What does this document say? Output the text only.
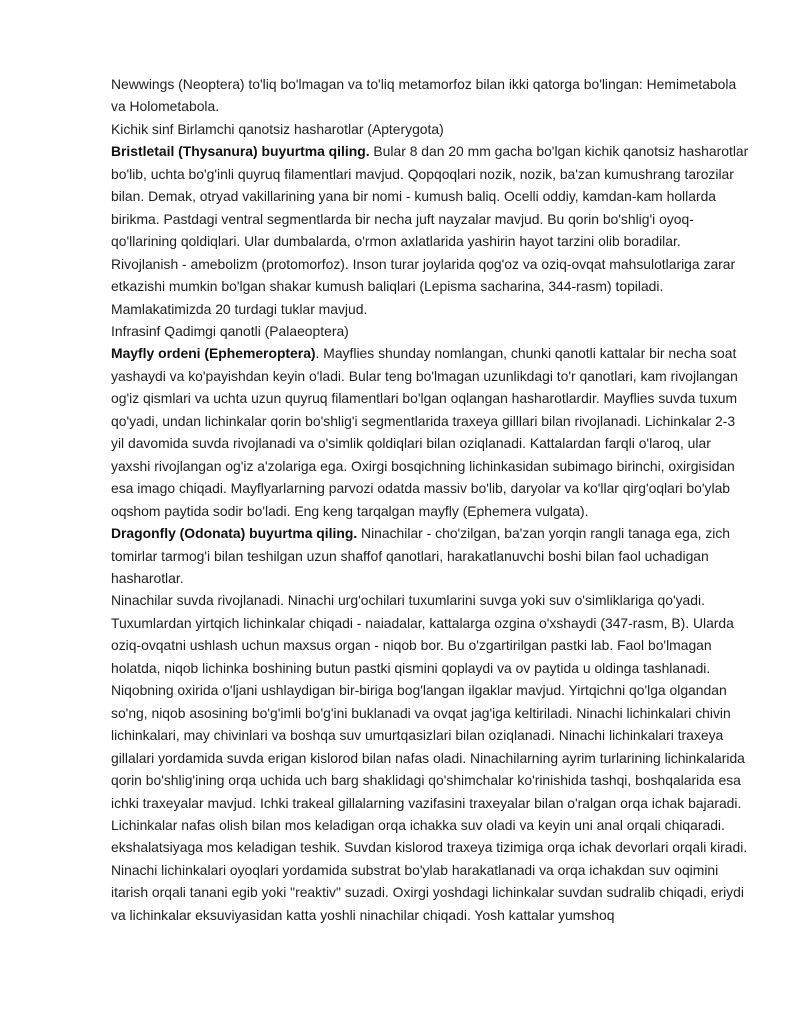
Newwings (Neoptera) to'liq bo'lmagan va to'liq metamorfoz bilan ikki qatorga bo'lingan: Hemimetabola va Holometabola.

Kichik sinf Birlamchi qanotsiz hasharotlar (Apterygota)

Bristletail (Thysanura) buyurtma qiling. Bular 8 dan 20 mm gacha bo'lgan kichik qanotsiz hasharotlar bo'lib, uchta bo'g'inli quyruq filamentlari mavjud. Qopqoqlari nozik, nozik, ba'zan kumushrang tarozilar bilan. Demak, otryad vakillarining yana bir nomi - kumush baliq. Ocelli oddiy, kamdan-kam hollarda birikma. Pastdagi ventral segmentlarda bir necha juft nayzalar mavjud. Bu qorin bo'shlig'i oyoq-qo'llarining qoldiqlari. Ular dumbalarda, o'rmon axlatlarida yashirin hayot tarzini olib boradilar. Rivojlanish - amebolizm (protomorfoz). Inson turar joylarida qog'oz va oziq-ovqat mahsulotlariga zarar etkazishi mumkin bo'lgan shakar kumush baliqlari (Lepisma sacharina, 344-rasm) topiladi. Mamlakatimizda 20 turdagi tuklar mavjud.

Infrasinf Qadimgi qanotli (Palaeoptera)

Mayfly ordeni (Ephemeroptera). Mayflies shunday nomlangan, chunki qanotli kattalar bir necha soat yashaydi va ko'payishdan keyin o'ladi. Bular teng bo'lmagan uzunlikdagi to'r qanotlari, kam rivojlangan og'iz qismlari va uchta uzun quyruq filamentlari bo'lgan oqlangan hasharotlardir. Mayflies suvda tuxum qo'yadi, undan lichinkalar qorin bo'shlig'i segmentlarida traxeya gilllari bilan rivojlanadi. Lichinkalar 2-3 yil davomida suvda rivojlanadi va o'simlik qoldiqlari bilan oziqlanadi. Kattalardan farqli o'laroq, ular yaxshi rivojlangan og'iz a'zolariga ega. Oxirgi bosqichning lichinkasidan subimago birinchi, oxirgisidan esa imago chiqadi. Mayflyarlarning parvozi odatda massiv bo'lib, daryolar va ko'llar qirg'oqlari bo'ylab oqshom paytida sodir bo'ladi. Eng keng tarqalgan mayfly (Ephemera vulgata).

Dragonfly (Odonata) buyurtma qiling. Ninachilar - cho'zilgan, ba'zan yorqin rangli tanaga ega, zich tomirlar tarmog'i bilan teshilgan uzun shaffof qanotlari, harakatlanuvchi boshi bilan faol uchadigan hasharotlar.

Ninachilar suvda rivojlanadi. Ninachi urg'ochilari tuxumlarini suvga yoki suv o'simliklariga qo'yadi. Tuxumlardan yirtqich lichinkalar chiqadi - naiadalar, kattalarga ozgina o'xshaydi (347-rasm, B). Ularda oziq-ovqatni ushlash uchun maxsus organ - niqob bor. Bu o'zgartirilgan pastki lab. Faol bo'lmagan holatda, niqob lichinka boshining butun pastki qismini qoplaydi va ov paytida u oldinga tashlanadi. Niqobning oxirida o'ljani ushlaydigan bir-biriga bog'langan ilgaklar mavjud. Yirtqichni qo'lga olgandan so'ng, niqob asosining bo'g'imli bo'g'ini buklanadi va ovqat jag'iga keltiriladi. Ninachi lichinkalari chivin lichinkalari, may chivinlari va boshqa suv umurtqasizlari bilan oziqlanadi. Ninachi lichinkalari traxeya gillalari yordamida suvda erigan kislorod bilan nafas oladi. Ninachilarning ayrim turlarining lichinkalarida qorin bo'shlig'ining orqa uchida uch barg shaklidagi qo'shimchalar ko'rinishida tashqi, boshqalarida esa ichki traxeyalar mavjud. Ichki trakeal gillalarning vazifasini traxeyalar bilan o'ralgan orqa ichak bajaradi. Lichinkalar nafas olish bilan mos keladigan orqa ichakka suv oladi va keyin uni anal orqali chiqaradi.

ekshalatsiyaga mos keladigan teshik. Suvdan kislorod traxeya tizimiga orqa ichak devorlari orqali kiradi. Ninachi lichinkalari oyoqlari yordamida substrat bo'ylab harakatlanadi va orqa ichakdan suv oqimini itarish orqali tanani egib yoki "reaktiv" suzadi. Oxirgi yoshdagi lichinkalar suvdan sudralib chiqadi, eriydi va lichinkalar eksuviyasidan katta yoshli ninachilar chiqadi. Yosh kattalar yumshoq
